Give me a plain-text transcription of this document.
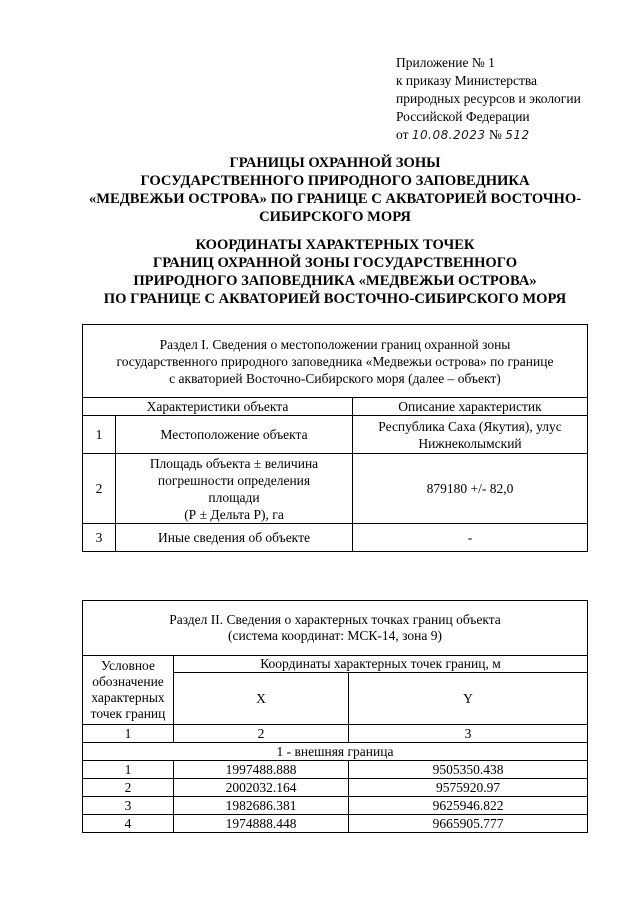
Приложение № 1
к приказу Министерства
природных ресурсов и экологии
Российской Федерации
от 10.08.2023 № 512
ГРАНИЦЫ ОХРАННОЙ ЗОНЫ
ГОСУДАРСТВЕННОГО ПРИРОДНОГО ЗАПОВЕДНИКА
«МЕДВЕЖЬИ ОСТРОВА» ПО ГРАНИЦЕ С АКВАТОРИЕЙ ВОСТОЧНО-
СИБИРСКОГО МОРЯ
КООРДИНАТЫ ХАРАКТЕРНЫХ ТОЧЕК
ГРАНИЦ ОХРАННОЙ ЗОНЫ ГОСУДАРСТВЕННОГО
ПРИРОДНОГО ЗАПОВЕДНИКА «МЕДВЕЖЬИ ОСТРОВА»
ПО ГРАНИЦЕ С АКВАТОРИЕЙ ВОСТОЧНО-СИБИРСКОГО МОРЯ
Раздел I. Сведения о местоположении границ охранной зоны
государственного природного заповедника «Медвежьи острова» по границе
с акваторией Восточно-Сибирского моря (далее – объект)		

Характеристики объекта		Описание характеристик
1	Местоположение объекта	Республика Саха (Якутия), улус
Нижнеколымский

2	Площадь объекта ± величина
погрешности определения
площади
(Р ± Дельта Р), га	879180 +/- 82,0
3	Иные сведения об объекте	-
Раздел II. Сведения о характерных точках границ объекта
(система координат: МСК-14, зона 9)		

Условное
обозначение
характерных
точек границ	Координаты характерных точек границ, м	
	X	Y
1	2	3
1 - внешняя граница		
1	1997488.888	9505350.438
2	2002032.164	9575920.97
3	1982686.381	9625946.822
4	1974888.448	9665905.777
